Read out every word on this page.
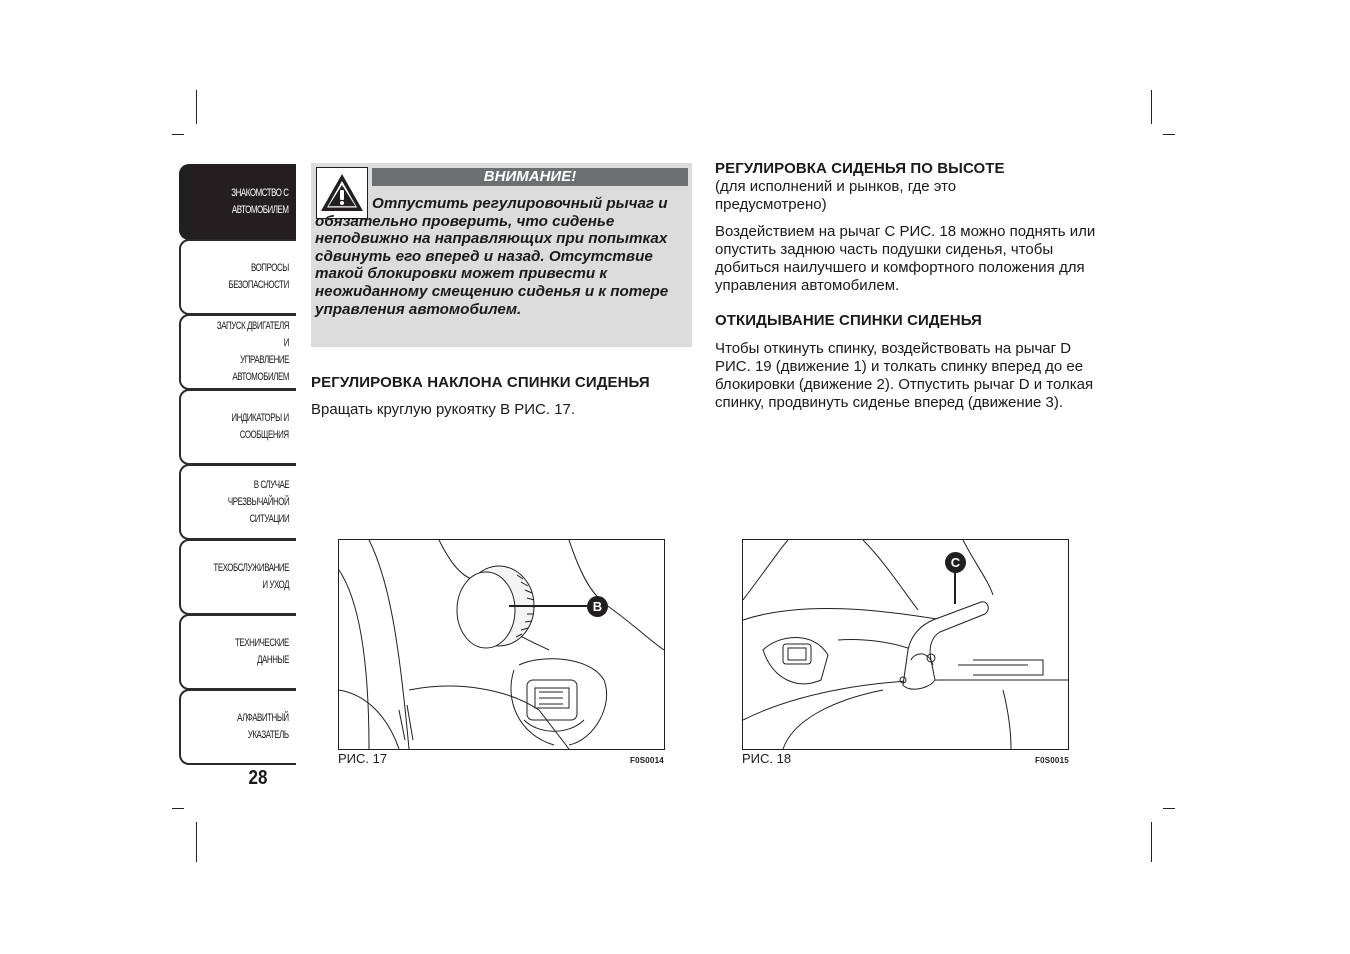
ЗНАКОМСТВО С
АВТОМОБИЛЕМ
ВОПРОСЫ
БЕЗОПАСНОСТИ
ЗАПУСК ДВИГАТЕЛЯ И
УПРАВЛЕНИЕ
АВТОМОБИЛЕМ
ИНДИКАТОРЫ И
СООБЩЕНИЯ
В СЛУЧАЕ
ЧРЕЗВЫЧАЙНОЙ
СИТУАЦИИ
ТЕХОБСЛУЖИВАНИЕ
И УХОД
ТЕХНИЧЕСКИЕ
ДАННЫЕ
АЛФАВИТНЫЙ
УКАЗАТЕЛЬ
28
ВНИМАНИЕ!
Отпустить регулировочный рычаг и обязательно проверить, что сиденье неподвижно на направляющих при попытках сдвинуть его вперед и назад. Отсутствие такой блокировки может привести к неожиданному смещению сиденья и к потере управления автомобилем.
РЕГУЛИРОВКА НАКЛОНА СПИНКИ СИДЕНЬЯ
Вращать круглую рукоятку B РИС. 17.
РЕГУЛИРОВКА СИДЕНЬЯ ПО ВЫСОТЕ
(для исполнений и рынков, где это предусмотрено)
Воздействием на рычаг C РИС. 18 можно поднять или опустить заднюю часть подушки сиденья, чтобы добиться наилучшего и комфортного положения для управления автомобилем.
ОТКИДЫВАНИЕ СПИНКИ СИДЕНЬЯ
Чтобы откинуть спинку, воздействовать на рычаг D РИС. 19 (движение 1) и толкать спинку вперед до ее блокировки (движение 2). Отпустить рычаг D и толкая спинку, продвинуть сиденье вперед (движение 3).
B
РИС. 17	F0S0014
C
РИС. 18	F0S0015
